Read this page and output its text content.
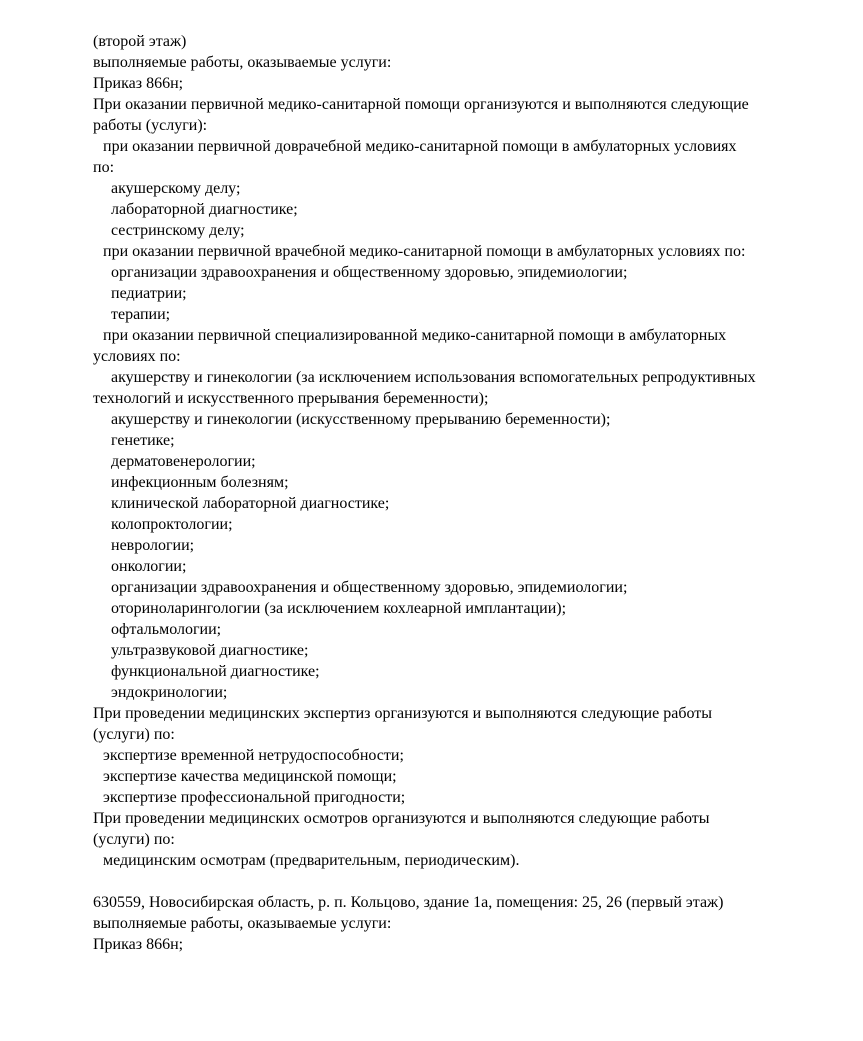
(второй этаж)
выполняемые работы, оказываемые услуги:
Приказ 866н;
При оказании первичной медико-санитарной помощи организуются и выполняются следующие
работы (услуги):
при оказании первичной доврачебной медико-санитарной помощи в амбулаторных условиях
по:
акушерскому делу;
лабораторной диагностике;
сестринскому делу;
при оказании первичной врачебной медико-санитарной помощи в амбулаторных условиях по:
организации здравоохранения и общественному здоровью, эпидемиологии;
педиатрии;
терапии;
при оказании первичной специализированной медико-санитарной помощи в амбулаторных
условиях по:
акушерству и гинекологии (за исключением использования вспомогательных репродуктивных
технологий и искусственного прерывания беременности);
акушерству и гинекологии (искусственному прерыванию беременности);
генетике;
дерматовенерологии;
инфекционным болезням;
клинической лабораторной диагностике;
колопроктологии;
неврологии;
онкологии;
организации здравоохранения и общественному здоровью, эпидемиологии;
оториноларингологии (за исключением кохлеарной имплантации);
офтальмологии;
ультразвуковой диагностике;
функциональной диагностике;
эндокринологии;
При проведении медицинских экспертиз организуются и выполняются следующие работы
(услуги) по:
экспертизе временной нетрудоспособности;
экспертизе качества медицинской помощи;
экспертизе профессиональной пригодности;
При проведении медицинских осмотров организуются и выполняются следующие работы
(услуги) по:
медицинским осмотрам (предварительным, периодическим).
630559, Новосибирская область, р. п. Кольцово, здание 1а, помещения: 25, 26 (первый этаж)
выполняемые работы, оказываемые услуги:
Приказ 866н;
